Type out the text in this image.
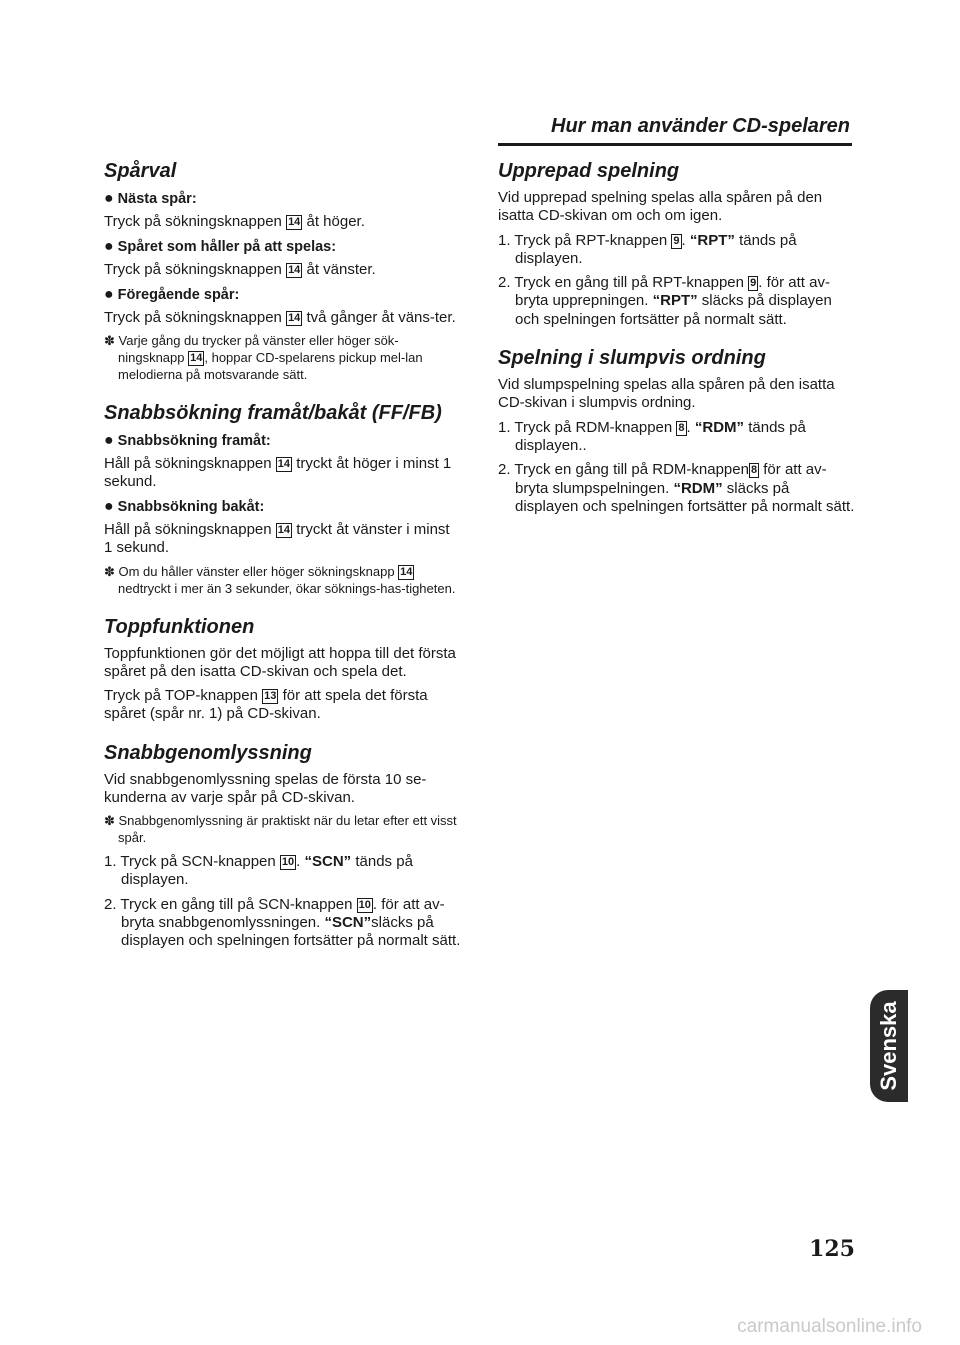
Hur man använder CD-spelaren
Spårval
● Nästa spår:

Tryck på sökningsknappen 14 åt höger.

● Spåret som håller på att spelas:

Tryck på sökningsknappen 14 åt vänster.

● Föregående spår:

Tryck på sökningsknappen 14 två gånger åt väns-ter.

✽ Varje gång du trycker på vänster eller höger sök-ningsknapp 14 , hoppar CD-spelarens pickup mel-lan melodierna på motsvarande sätt.

Snabbsökning framåt/bakåt (FF/FB)
● Snabbsökning framåt:

Håll på sökningsknappen 14 tryckt åt höger i minst 1 sekund.

● Snabbsökning bakåt:

Håll på sökningsknappen 14 tryckt åt vänster i minst 1 sekund.

✽ Om du håller vänster eller höger sökningsknapp 14 nedtryckt i mer än 3 sekunder, ökar söknings-has-tigheten.

Toppfunktionen

Toppfunktionen gör det möjligt att hoppa till det första spåret på den isatta CD-skivan och spela det.

Tryck på TOP-knappen 13 för att spela det första spåret (spår nr. 1) på CD-skivan.

Snabbgenomlyssning

Vid snabbgenomlyssning spelas de första 10 se-kunderna av varje spår på CD-skivan.

✽ Snabbgenomlyssning är praktiskt när du letar efter ett visst spår.

1. Tryck på SCN-knappen 10 . “SCN” tänds på displayen.

2. Tryck en gång till på SCN-knappen 10 . för att av-bryta snabbgenomlyssningen. “SCN”släcks på displayen och spelningen fortsätter på normalt sätt.

Upprepad spelning

Vid upprepad spelning spelas alla spåren på den isatta CD-skivan om och om igen.

1. Tryck på RPT-knappen 9 . “RPT” tänds på displayen.

2. Tryck en gång till på RPT-knappen 9 . för att av-bryta upprepningen. “RPT” släcks på displayen och spelningen fortsätter på normalt sätt.

Spelning i slumpvis ordning

Vid slumpspelning spelas alla spåren på den isatta CD-skivan i slumpvis ordning.

1. Tryck på RDM-knappen 8 . “RDM” tänds på displayen..

2. Tryck en gång till på RDM-knappen 8 för att av-bryta slumpspelningen. “RDM” släcks på displayen och spelningen fortsätter på normalt sätt.

Svenska
125
carmanualsonline.info
